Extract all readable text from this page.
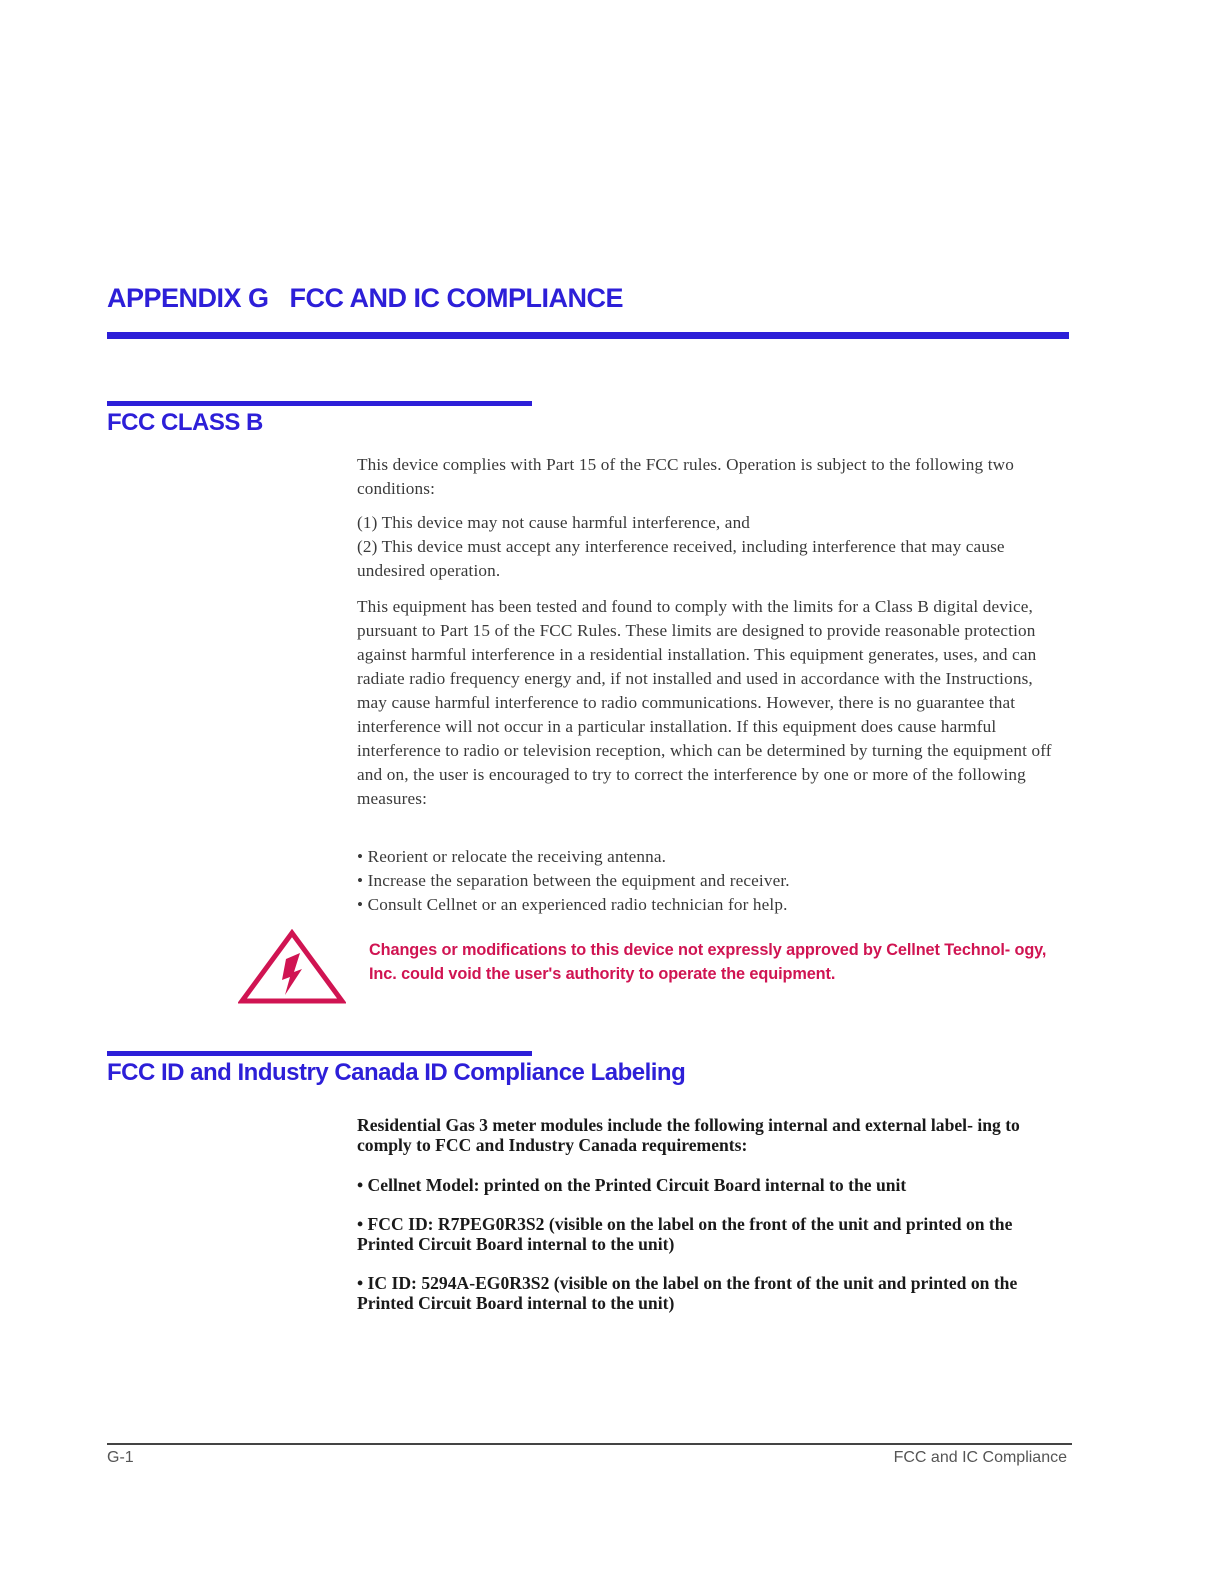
APPENDIX G   FCC AND IC COMPLIANCE
FCC CLASS B

This device complies with Part 15 of the FCC rules. Operation is subject to the following two conditions:

(1) This device may not cause harmful interference, and

(2) This device must accept any interference received, including interference that may cause undesired operation.

This equipment has been tested and found to comply with the limits for a Class B digital device, pursuant to Part 15 of the FCC Rules. These limits are designed to provide reasonable protection against harmful interference in a residential installation. This equipment generates, uses, and can radiate radio frequency energy and, if not installed and used in accordance with the Instructions, may cause harmful interference to radio communications. However, there is no guarantee that interference will not occur in a particular installation. If this equipment does cause harmful interference to radio or television reception, which can be determined by turning the equipment off and on, the user is encouraged to try to correct the interference by one or more of the following measures:

• Reorient or relocate the receiving antenna.

• Increase the separation between the equipment and receiver.

• Consult Cellnet or an experienced radio technician for help.

Changes or modifications to this device not expressly approved by Cellnet Technol- ogy, Inc. could void the user's authority to operate the equipment.
FCC ID and Industry Canada ID Compliance Labeling

Residential Gas 3 meter modules include the following internal and external label- ing to comply to FCC and Industry Canada requirements:

• Cellnet Model: printed on the Printed Circuit Board internal to the unit

• FCC ID: R7PEG0R3S2 (visible on the label on the front of the unit and printed on the Printed Circuit Board internal to the unit)

• IC ID: 5294A-EG0R3S2 (visible on the label on the front of the unit and printed on the Printed Circuit Board internal to the unit)

G-1	FCC and IC Compliance
